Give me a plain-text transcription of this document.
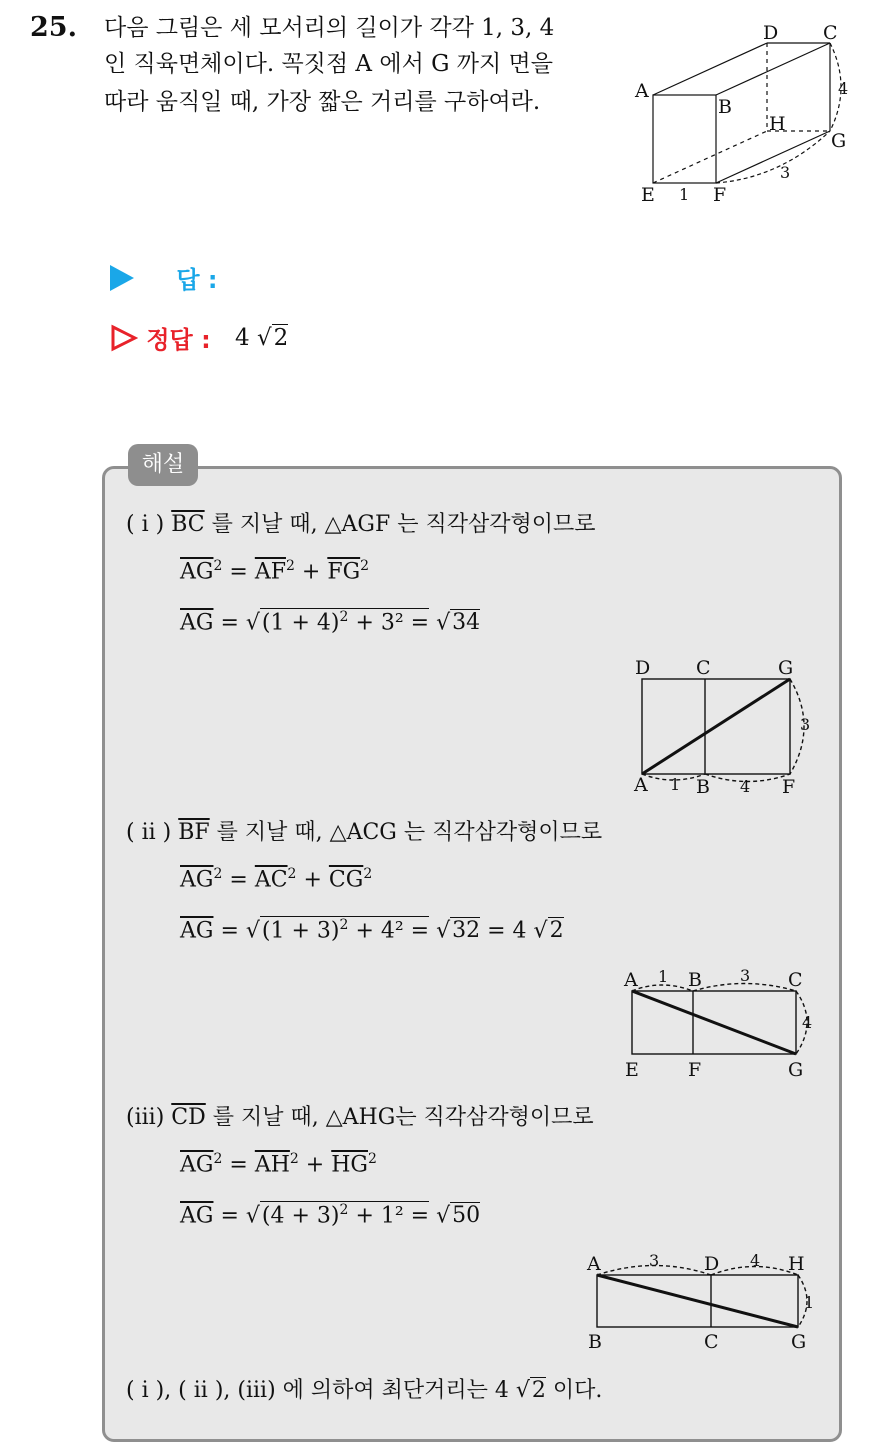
25. 다음 그림은 세 모서리의 길이가 각각 1, 3, 4
인 직육면체이다. 꼭짓점 A 에서 G 까지 면을
따라 움직일 때, 가장 짧은 거리를 구하여라.	A
B
C
D
E	F
G
H
1
3
4
답 :
정답 : 4 √2
해설
( i ) $\overline{BC}$ 를 지날 때, △AGF 는 직각삼각형이므로
$\overline{AG}^2 = \overline{AF}^2 + \overline{FG}^2$
$\overline{AG} = √(1 + 4)^2 + 3^2 = √34$
D C	G
A	B	F
1	4
3
( ii ) $\overline{BF}$ 를 지날 때, △ACG 는 직각삼각형이므로
$\overline{AG}^2 = \overline{AC}^2 + \overline{CG}^2$
$\overline{AG} = √(1 + 3)^2 + 4^2 = √32 = 4$ √2
A	B	C
E	F	G
1	3
4
(iii) $\overline{CD}$ 를 지날 때, △AHG는 직각삼각형이므로
$\overline{AG}^2 = \overline{AH}^2 + \overline{HG}^2$
$\overline{AG} = √(4 + 3)^2 + 1^2 = √50$
A	D	H
B	C	G
3	4
1
( i ), ( ii ), (iii) 에 의하여 최단거리는 4 √2 이다.
